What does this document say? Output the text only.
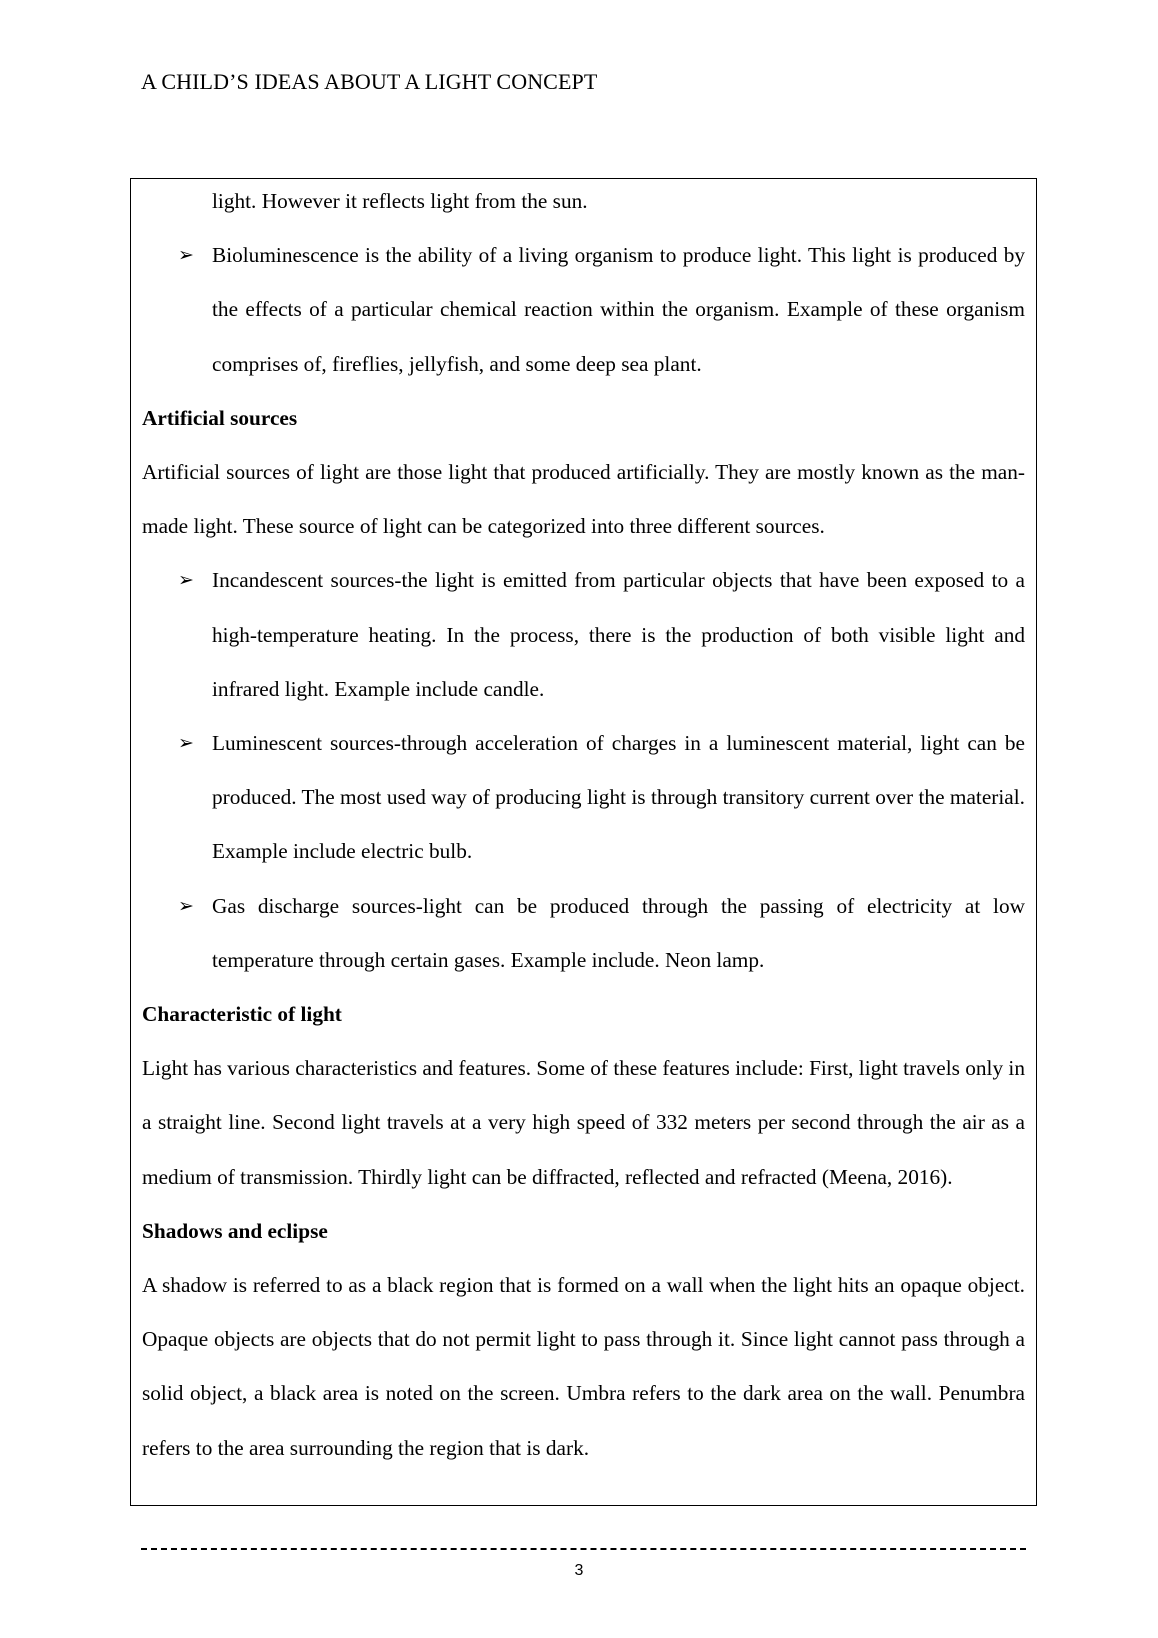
A CHILD’S IDEAS ABOUT A LIGHT CONCEPT

light. However it reflects light from the sun.

➢ Bioluminescence is the ability of a living organism to produce light. This light is produced by the effects of a particular chemical reaction within the organism. Example of these organism comprises of, fireflies, jellyfish, and some deep sea plant.

Artificial sources

Artificial sources of light are those light that produced artificially. They are mostly known as the man-made light. These source of light can be categorized into three different sources.

➢ Incandescent sources-the light is emitted from particular objects that have been exposed to a high-temperature heating. In the process, there is the production of both visible light and infrared light. Example include candle.
➢ Luminescent sources-through acceleration of charges in a luminescent material, light can be produced. The most used way of producing light is through transitory current over the material. Example include electric bulb.
➢ Gas discharge sources-light can be produced through the passing of electricity at low temperature through certain gases. Example include. Neon lamp.

Characteristic of light

Light has various characteristics and features. Some of these features include: First, light travels only in a straight line. Second light travels at a very high speed of 332 meters per second through the air as a medium of transmission. Thirdly light can be diffracted, reflected and refracted (Meena, 2016).

Shadows and eclipse

A shadow is referred to as a black region that is formed on a wall when the light hits an opaque object. Opaque objects are objects that do not permit light to pass through it. Since light cannot pass through a solid object, a black area is noted on the screen. Umbra refers to the dark area on the wall. Penumbra refers to the area surrounding the region that is dark.

3
